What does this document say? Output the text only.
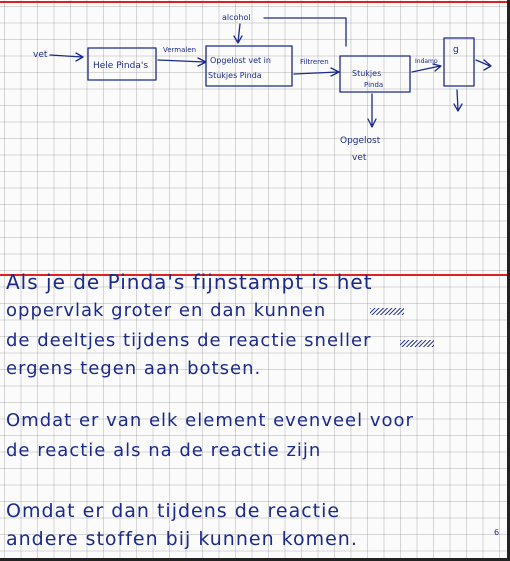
vet
Hele Pinda's
Vermalen
alcohol
Opgelost vet in
Stukjes Pinda
Filtreren
Stukjes
Pinda
Indamp
g
Opgelost
vet
Als je de Pinda's fijnstampt is het
oppervlak groter en dan kunnen
de deeltjes tijdens de reactie sneller
ergens tegen aan botsen.
Omdat er van elk element evenveel voor
de reactie als na de reactie zijn
Omdat er dan tijdens de reactie
andere stoffen bij kunnen komen.	6
